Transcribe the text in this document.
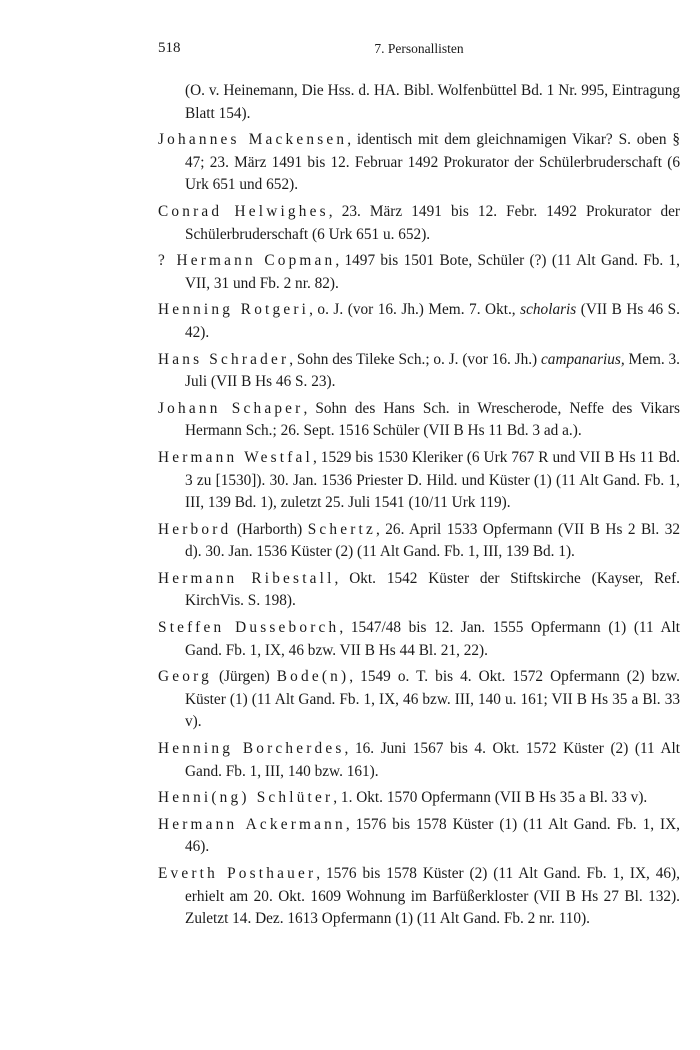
518	7. Personallisten

(O. v. Heinemann, Die Hss. d. HA. Bibl. Wolfenbüttel Bd. 1 Nr. 995, Eintragung Blatt 154).

Johannes Mackensen, identisch mit dem gleichnamigen Vikar? S. oben § 47; 23. März 1491 bis 12. Februar 1492 Prokurator der Schülerbruderschaft (6 Urk 651 und 652).

Conrad Helwighes, 23. März 1491 bis 12. Febr. 1492 Prokurator der Schülerbruderschaft (6 Urk 651 u. 652).

? Hermann Copman, 1497 bis 1501 Bote, Schüler (?) (11 Alt Gand. Fb. 1, VII, 31 und Fb. 2 nr. 82).

Henning Rotgeri, o. J. (vor 16. Jh.) Mem. 7. Okt., scholaris (VII B Hs 46 S. 42).

Hans Schrader, Sohn des Tileke Sch.; o. J. (vor 16. Jh.) campanarius, Mem. 3. Juli (VII B Hs 46 S. 23).

Johann Schaper, Sohn des Hans Sch. in Wrescherode, Neffe des Vikars Hermann Sch.; 26. Sept. 1516 Schüler (VII B Hs 11 Bd. 3 ad a.).

Hermann Westfal, 1529 bis 1530 Kleriker (6 Urk 767 R und VII B Hs 11 Bd. 3 zu [1530]). 30. Jan. 1536 Priester D. Hild. und Küster (1) (11 Alt Gand. Fb. 1, III, 139 Bd. 1), zuletzt 25. Juli 1541 (10/11 Urk 119).

Herbord (Harborth) Schertz, 26. April 1533 Opfermann (VII B Hs 2 Bl. 32 d). 30. Jan. 1536 Küster (2) (11 Alt Gand. Fb. 1, III, 139 Bd. 1).

Hermann Ribestall, Okt. 1542 Küster der Stiftskirche (Kayser, Ref. KirchVis. S. 198).

Steffen Dusseborch, 1547/48 bis 12. Jan. 1555 Opfermann (1) (11 Alt Gand. Fb. 1, IX, 46 bzw. VII B Hs 44 Bl. 21, 22).

Georg (Jürgen) Bode(n), 1549 o. T. bis 4. Okt. 1572 Opfermann (2) bzw. Küster (1) (11 Alt Gand. Fb. 1, IX, 46 bzw. III, 140 u. 161; VII B Hs 35 a Bl. 33 v).

Henning Borcherdes, 16. Juni 1567 bis 4. Okt. 1572 Küster (2) (11 Alt Gand. Fb. 1, III, 140 bzw. 161).

Henni(ng) Schlüter, 1. Okt. 1570 Opfermann (VII B Hs 35 a Bl. 33 v).

Hermann Ackermann, 1576 bis 1578 Küster (1) (11 Alt Gand. Fb. 1, IX, 46).

Everth Posthauer, 1576 bis 1578 Küster (2) (11 Alt Gand. Fb. 1, IX, 46), erhielt am 20. Okt. 1609 Wohnung im Barfüßerkloster (VII B Hs 27 Bl. 132). Zuletzt 14. Dez. 1613 Opfermann (1) (11 Alt Gand. Fb. 2 nr. 110).
